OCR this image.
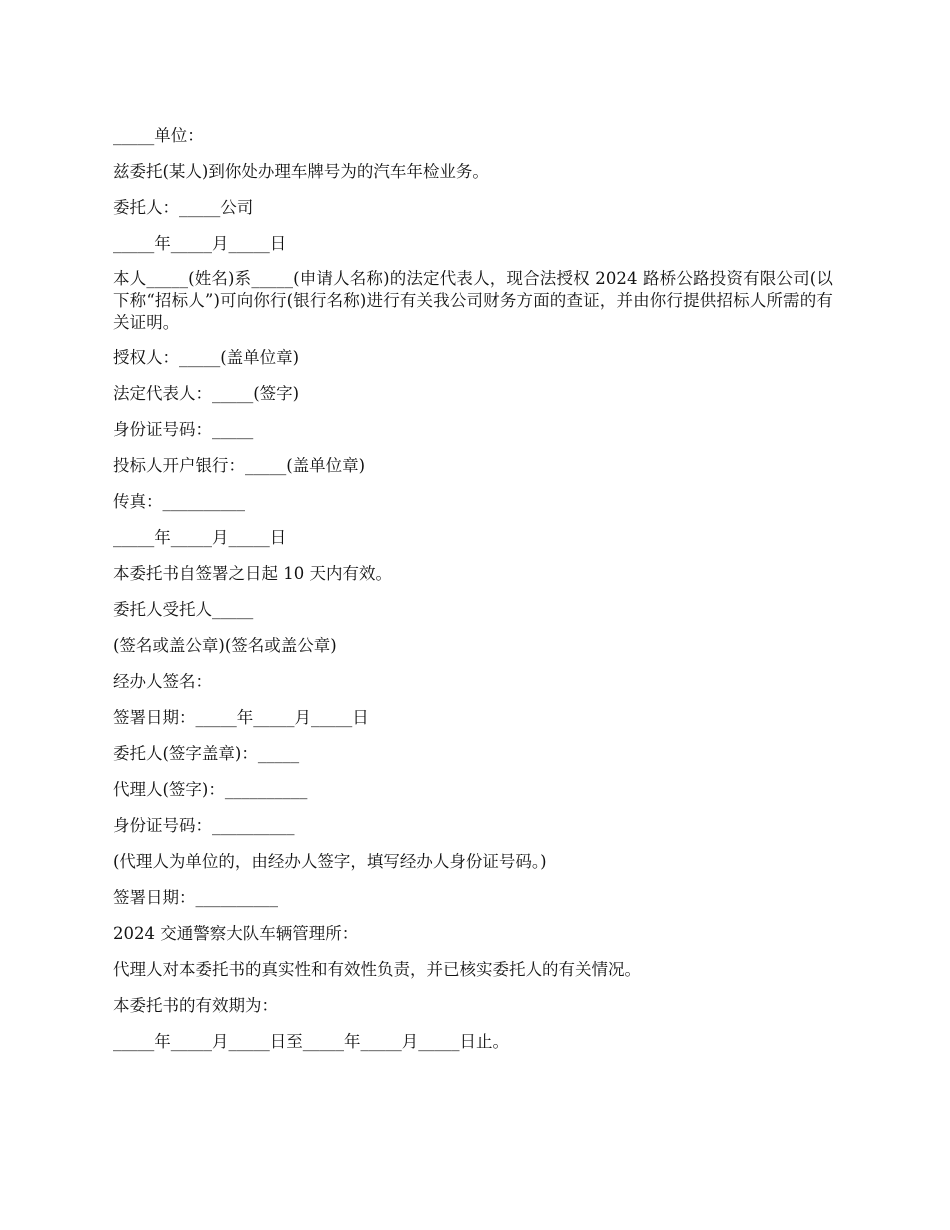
_____单位：

兹委托(某人)到你处办理车牌号为的汽车年检业务。

委托人：_____公司

_____年_____月_____日

本人_____(姓名)系_____(申请人名称)的法定代表人，现合法授权 2024 路桥公路投资有限公司(以下称“招标人”)可向你行(银行名称)进行有关我公司财务方面的查证，并由你行提供招标人所需的有关证明。

授权人：_____(盖单位章)

法定代表人：_____(签字)

身份证号码：_____

投标人开户银行：_____(盖单位章)

传真：__________

_____年_____月_____日

本委托书自签署之日起 10 天内有效。

委托人受托人_____

(签名或盖公章)(签名或盖公章)

经办人签名：

签署日期：_____年_____月_____日

委托人(签字盖章)：_____

代理人(签字)：__________

身份证号码：__________

(代理人为单位的，由经办人签字，填写经办人身份证号码。)

签署日期：__________

2024 交通警察大队车辆管理所：

代理人对本委托书的真实性和有效性负责，并已核实委托人的有关情况。

本委托书的有效期为：

_____年_____月_____日至_____年_____月_____日止。
